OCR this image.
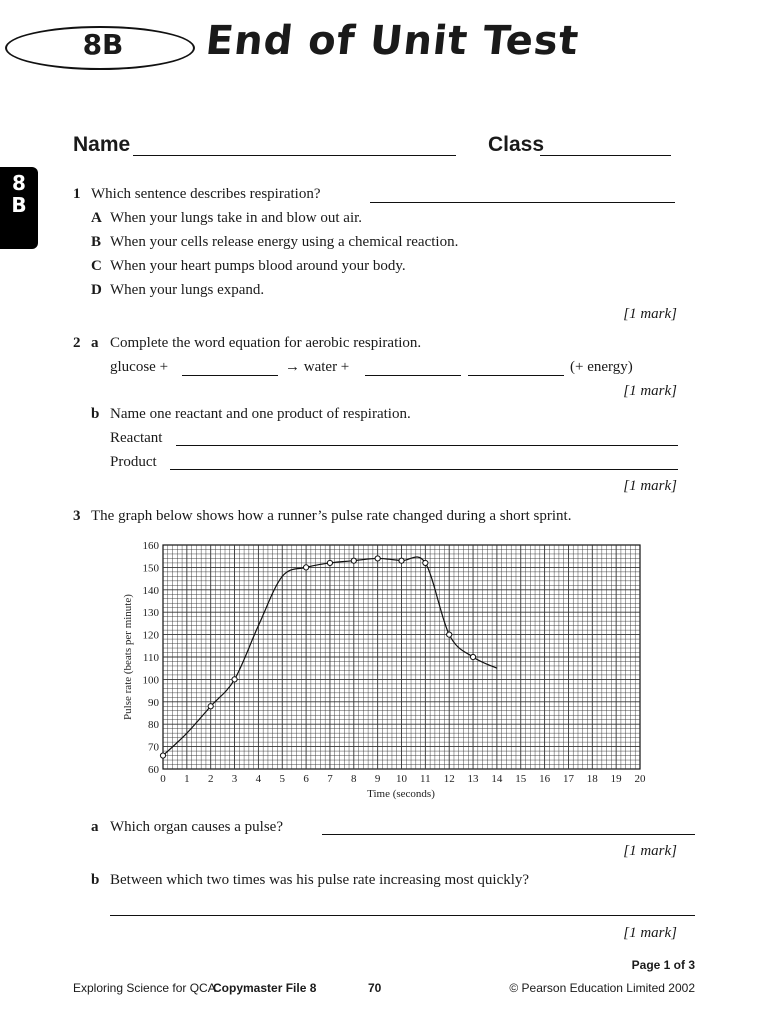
8B	End of Unit Test
8
B
Name	Class
1 Which sentence describes respiration?
A When your lungs take in and blow out air.
B When your cells release energy using a chemical reaction.
C When your heart pumps blood around your body.
D When your lungs expand.
[1 mark]
2 a Complete the word equation for aerobic respiration.
glucose +	→ water +	(+ energy)
[1 mark]
b Name one reactant and one product of respiration.
Reactant
Product
[1 mark]
3 The graph below shows how a runner’s pulse rate changed during a short sprint.
0 1 2 3 4 5 6 7 8 9 10 11 12 13 14 15 16 17 18 19 20
60
70
80
90
100
110
120
130
140
150
160
Time (seconds)
Pulse rate (beats per minute)
a Which organ causes a pulse?
[1 mark]
b Between which two times was his pulse rate increasing most quickly?
[1 mark]
Page 1 of 3
Exploring Science for QCA
Copymaster File 8	70	© Pearson Education Limited 2002
